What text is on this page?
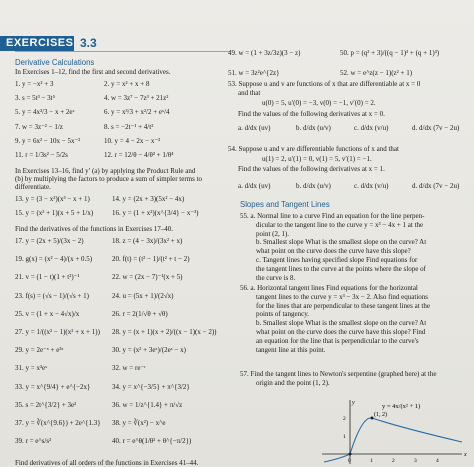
EXERCISES 3.3
Derivative Calculations
In Exercises 1–12, find the first and second derivatives.
1. y = −x² + 3	2. y = x² + x + 8
3. s = 5t³ − 3t⁵	4. w = 3z⁷ − 7z³ + 21z²
5. y = 4x³/3 − x + 2eˣ	6. y = x³/3 + x²/2 + eˣ/4
7. w = 3z⁻² − 1/z	8. s = −2t⁻¹ + 4/t²
9. y = 6x² − 10x − 5x⁻²	10. y = 4 − 2x − x⁻³
11. r = 1/3s² − 5/2s	12. r = 12/θ − 4/θ³ + 1/θ⁴
In Exercises 13–16, find y′ (a) by applying the Product Rule and
(b) by multiplying the factors to produce a sum of simpler terms to
differentiate.
13. y = (3 − x²)(x³ − x + 1)	14. y = (2x + 3)(5x² − 4x)
15. y = (x² + 1)(x + 5 + 1/x)	16. y = (1 + x²)(x^{3/4} − x⁻³)
Find the derivatives of the functions in Exercises 17–40.
17. y = (2x + 5)/(3x − 2)	18. z = (4 − 3x)/(3x² + x)
19. g(x) = (x² − 4)/(x + 0.5)	20. f(t) = (t² − 1)/(t² + t − 2)
21. v = (1 − t)(1 + t²)⁻¹	22. w = (2x − 7)⁻¹(x + 5)
23. f(s) = (√s − 1)/(√s + 1)	24. u = (5x + 1)/(2√x)
25. v = (1 + x − 4√x)/x	26. r = 2(1/√θ + √θ)
27. y = 1/((x² − 1)(x² + x + 1)) 28. y = (x + 1)(x + 2)/((x − 1)(x − 2))
29. y = 2e⁻ˣ + e³ˣ	30. y = (x² + 3eˣ)/(2eˣ − x)
31. y = x³eˣ	32. w = re⁻ʳ
33. y = x^{9/4} + e^{−2x}	34. y = x^{−3/5} + π^{3/2}
35. s = 2t^{3/2} + 3e²	36. w = 1/z^{1.4} + π/√z
37. y = ∛(x^{9.6}) + 2e^{1.3} 38. y = ∛(x²) − x^e
39. r = e^s/s²	40. r = e^θ(1/θ² + θ^{−π/2})
Find derivatives of all orders of the functions in Exercises 41–44.
49. w = (1 + 3z/3z)(3 − z)	50. p = (q² + 3)/((q − 1)³ + (q + 1)³)
51. w = 3z²e^{2z}	52. w = e^z(z − 1)(z² + 1)
53. Suppose u and v are functions of x that are differentiable at x = 0
and that
u(0) = 5, u′(0) = −3, v(0) = −1, v′(0) = 2.
Find the values of the following derivatives at x = 0.
a. d/dx (uv)	b. d/dx (u/v)	c. d/dx (v/u)	d. d/dx (7v − 2u)
54. Suppose u and v are differentiable functions of x and that
u(1) = 2, u′(1) = 0, v(1) = 5, v′(1) = −1.
Find the values of the following derivatives at x = 1.
a. d/dx (uv)	b. d/dx (u/v)	c. d/dx (v/u)	d. d/dx (7v − 2u)
Slopes and Tangent Lines
55. a. Normal line to a curve Find an equation for the line perpen-
dicular to the tangent line to the curve y = x³ − 4x + 1 at the
point (2, 1).
b. Smallest slope What is the smallest slope on the curve? At
what point on the curve does the curve have this slope?
c. Tangent lines having specified slope Find equations for
the tangent lines to the curve at the points where the slope of
the curve is 8.
56. a. Horizontal tangent lines Find equations for the horizontal
tangent lines to the curve y = x³ − 3x − 2. Also find equations
for the lines that are perpendicular to these tangent lines at the
points of tangency.
b. Smallest slope What is the smallest slope on the curve? At
what point on the curve does the curve have this slope? Find
an equation for the line that is perpendicular to the curve's
tangent line at this point.
57. Find the tangent lines to Newton's serpentine (graphed here) at the
origin and the point (1, 2).
y = 4x/(x² + 1)
(1, 2)
x
y
0	1	2	3	4
2
1
